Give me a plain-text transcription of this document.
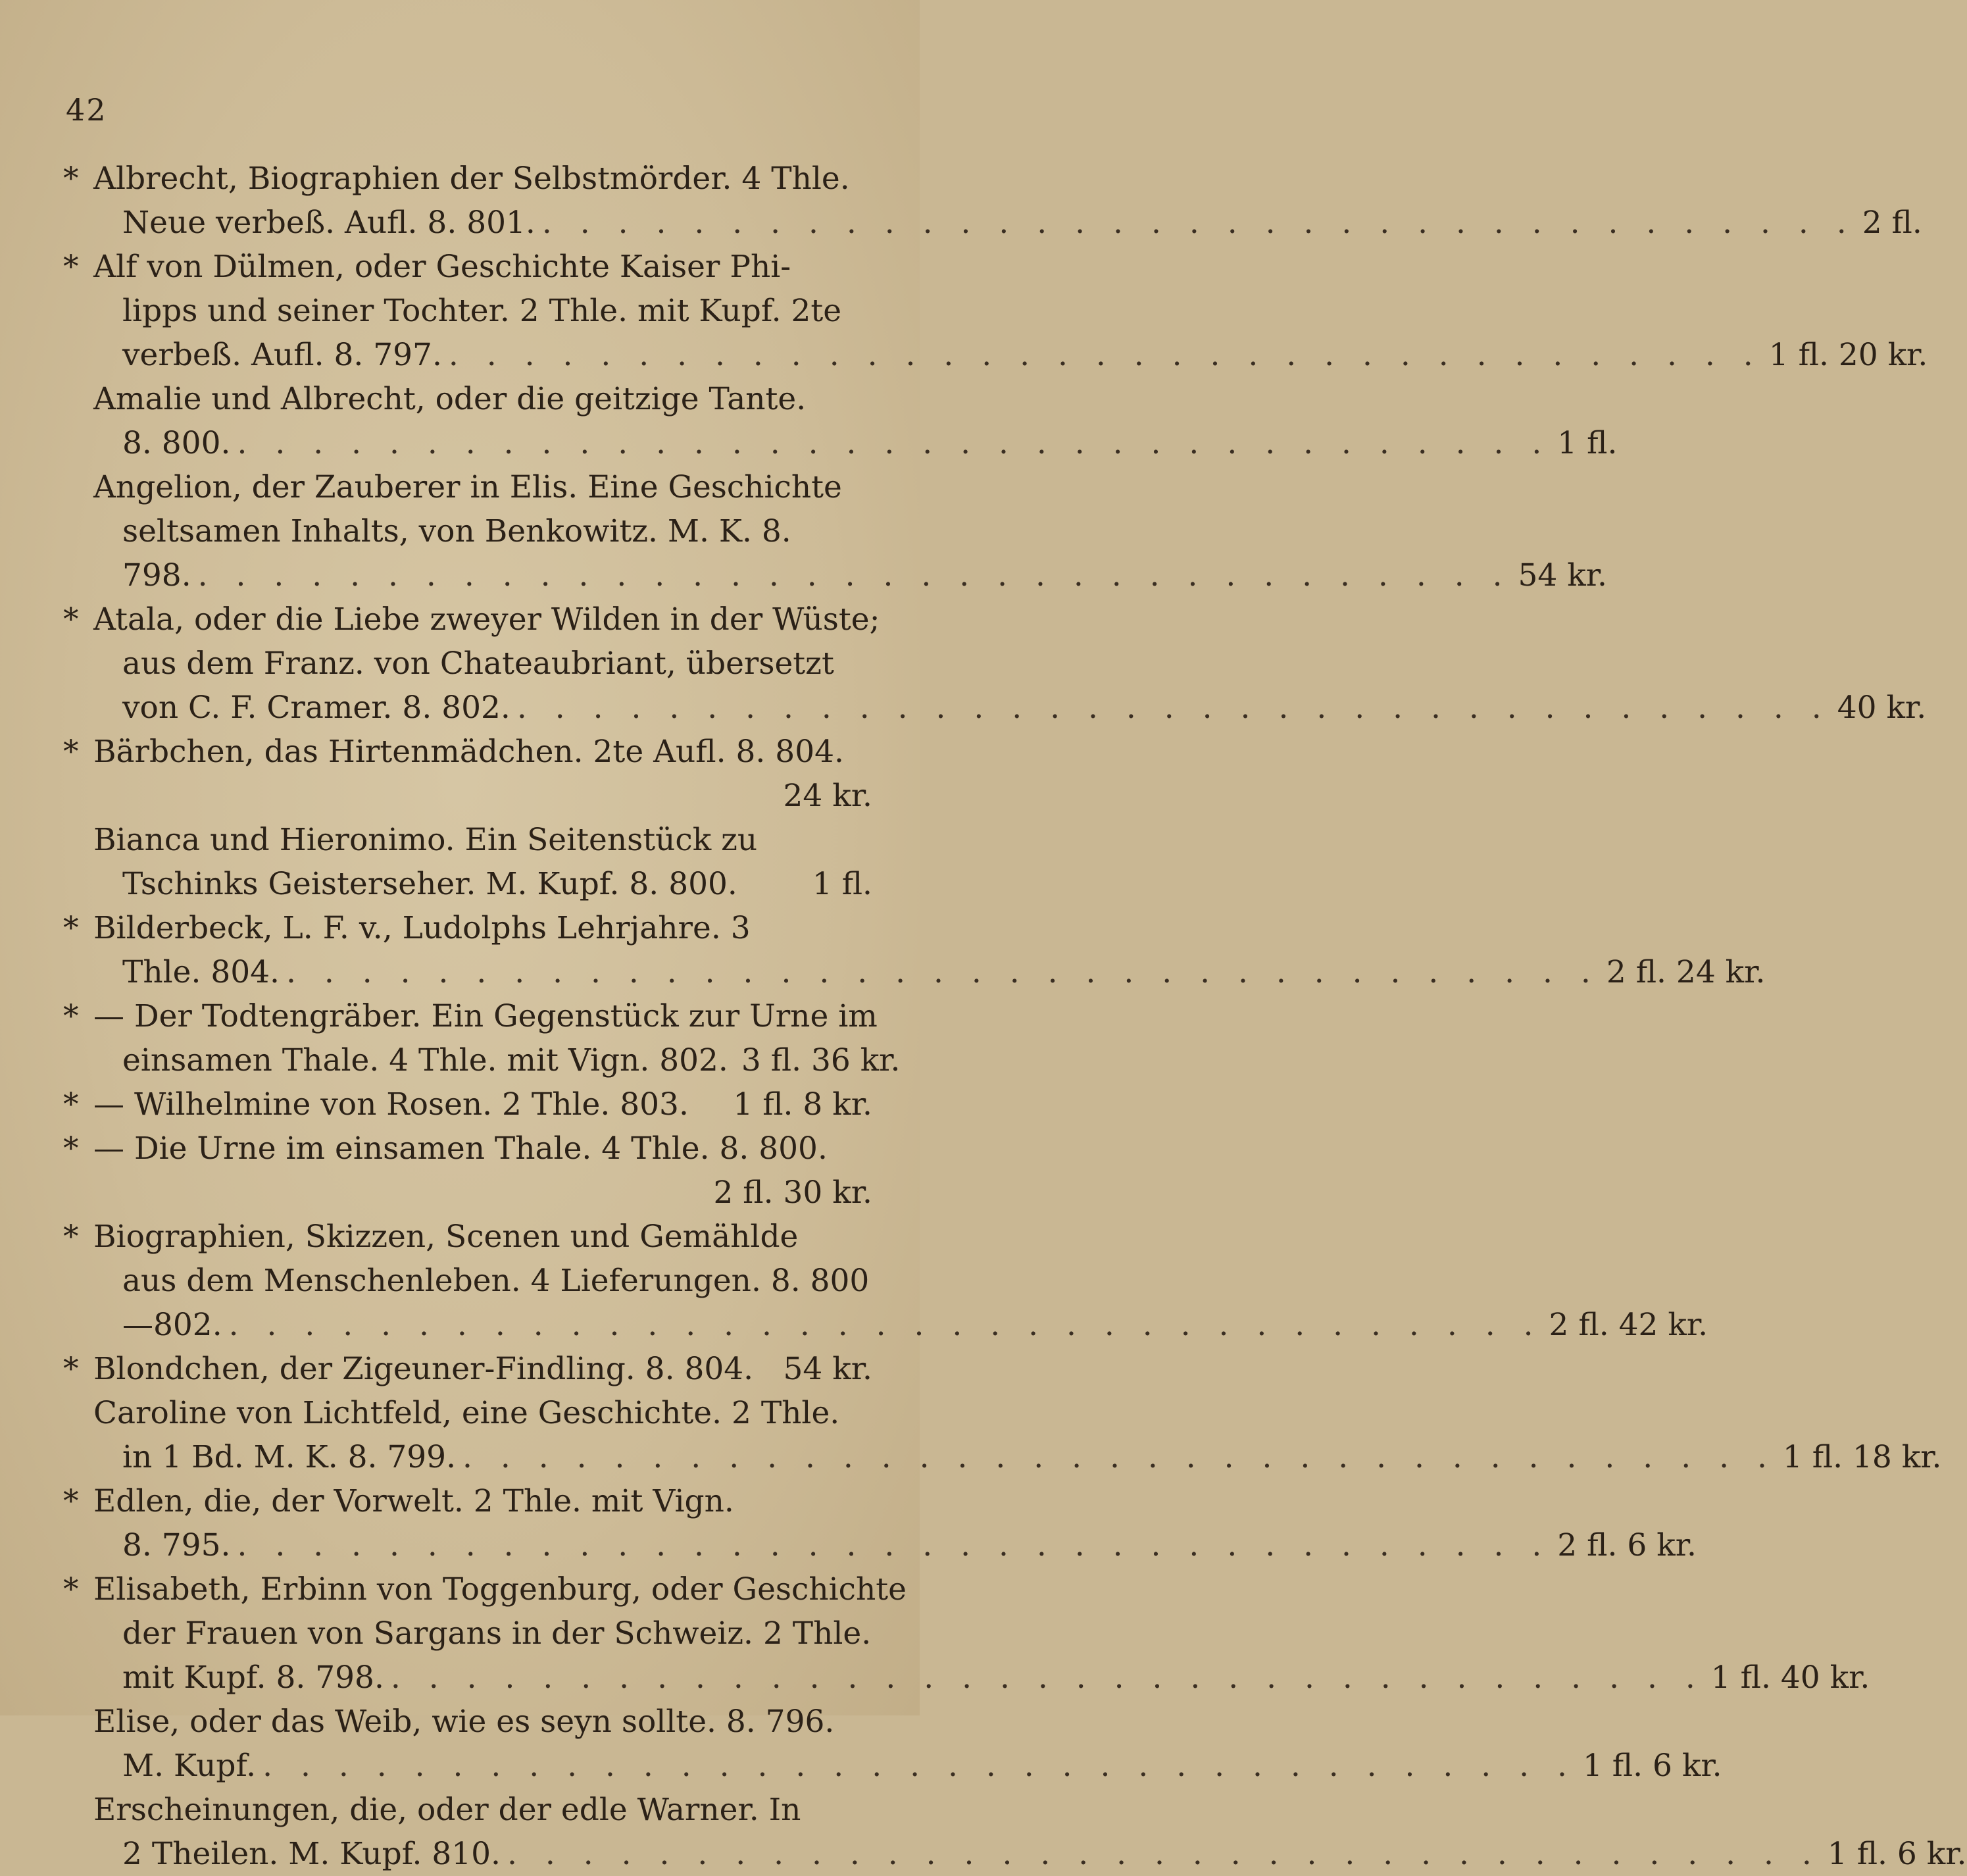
42
* Albrecht, Biographien der Selbstmörder. 4 Thle.
Neue verbeß. Aufl. 8. 801. . . . . . . . . . . . . . . . . . . . . . . . . . . . . . . . . . . . 2 fl.
* Alf von Dülmen, oder Geschichte Kaiser Phi-
lipps und seiner Tochter. 2 Thle. mit Kupf. 2te
verbeß. Aufl. 8. 797. . . . . . . . . . . . . . . . . . . . . . . . . . . . . . . . . . . . 1 fl. 20 kr.
Amalie und Albrecht, oder die geitzige Tante.
8. 800. . . . . . . . . . . . . . . . . . . . . . . . . . . . . . . . . . . . 1 fl.
Angelion, der Zauberer in Elis. Eine Geschichte
seltsamen Inhalts, von Benkowitz. M. K. 8.
798. . . . . . . . . . . . . . . . . . . . . . . . . . . . . . . . . . . . 54 kr.
* Atala, oder die Liebe zweyer Wilden in der Wüste;
aus dem Franz. von Chateaubriant, übersetzt
von C. F. Cramer. 8. 802. . . . . . . . . . . . . . . . . . . . . . . . . . . . . . . . . . . . 40 kr.
* Bärbchen, das Hirtenmädchen. 2te Aufl. 8. 804.
24 kr.
Bianca und Hieronimo. Ein Seitenstück zu
Tschinks Geisterseher. M. Kupf. 8. 800. 1 fl.
* Bilderbeck, L. F. v., Ludolphs Lehrjahre. 3
Thle. 804. . . . . . . . . . . . . . . . . . . . . . . . . . . . . . . . . . . . 2 fl. 24 kr.
* — Der Todtengräber. Ein Gegenstück zur Urne im
einsamen Thale. 4 Thle. mit Vign. 802. 3 fl. 36 kr.
* — Wilhelmine von Rosen. 2 Thle. 803. 1 fl. 8 kr.
* — Die Urne im einsamen Thale. 4 Thle. 8. 800.
2 fl. 30 kr.
* Biographien, Skizzen, Scenen und Gemählde
aus dem Menschenleben. 4 Lieferungen. 8. 800
—802. . . . . . . . . . . . . . . . . . . . . . . . . . . . . . . . . . . . 2 fl. 42 kr.
* Blondchen, der Zigeuner-Findling. 8. 804. 54 kr.
Caroline von Lichtfeld, eine Geschichte. 2 Thle.
in 1 Bd. M. K. 8. 799. . . . . . . . . . . . . . . . . . . . . . . . . . . . . . . . . . . . 1 fl. 18 kr.
* Edlen, die, der Vorwelt. 2 Thle. mit Vign.
8. 795. . . . . . . . . . . . . . . . . . . . . . . . . . . . . . . . . . . . 2 fl. 6 kr.
* Elisabeth, Erbinn von Toggenburg, oder Geschichte
der Frauen von Sargans in der Schweiz. 2 Thle.
mit Kupf. 8. 798. . . . . . . . . . . . . . . . . . . . . . . . . . . . . . . . . . . . 1 fl. 40 kr.
Elise, oder das Weib, wie es seyn sollte. 8. 796.
M. Kupf. . . . . . . . . . . . . . . . . . . . . . . . . . . . . . . . . . . . 1 fl. 6 kr.
Erscheinungen, die, oder der edle Warner. In
2 Theilen. M. Kupf. 810. . . . . . . . . . . . . . . . . . . . . . . . . . . . . . . . . . . . 1 fl. 6 kr.
